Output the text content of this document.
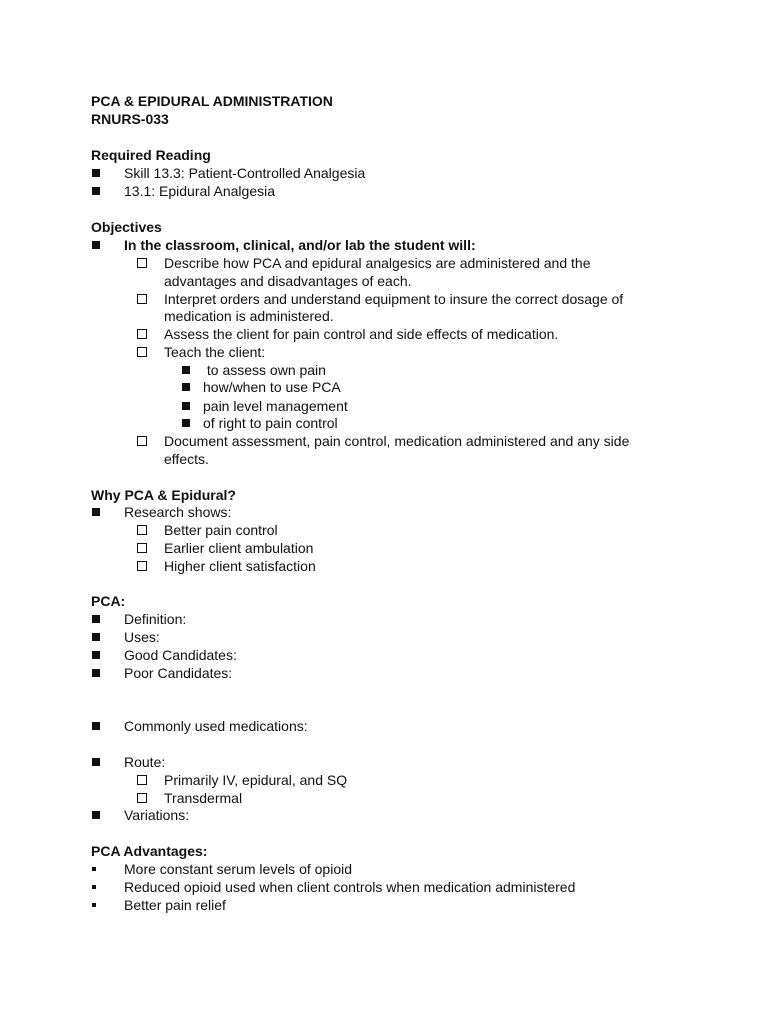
PCA & EPIDURAL ADMINISTRATION
RNURS-033
Required Reading
Skill 13.3: Patient-Controlled Analgesia
13.1: Epidural Analgesia
Objectives
In the classroom, clinical, and/or lab the student will:
Describe how PCA and epidural analgesics are administered and the
advantages and disadvantages of each.
Interpret orders and understand equipment to insure the correct dosage of
medication is administered.
Assess the client for pain control and side effects of medication.
Teach the client:
to assess own pain
how/when to use PCA
pain level management
of right to pain control
Document assessment, pain control, medication administered and any side
effects.
Why PCA & Epidural?
Research shows:
Better pain control
Earlier client ambulation
Higher client satisfaction
PCA:
Definition:
Uses:
Good Candidates:
Poor Candidates:
Commonly used medications:
Route:
Primarily IV, epidural, and SQ
Transdermal
Variations:
PCA Advantages:
More constant serum levels of opioid
Reduced opioid used when client controls when medication administered
Better pain relief
